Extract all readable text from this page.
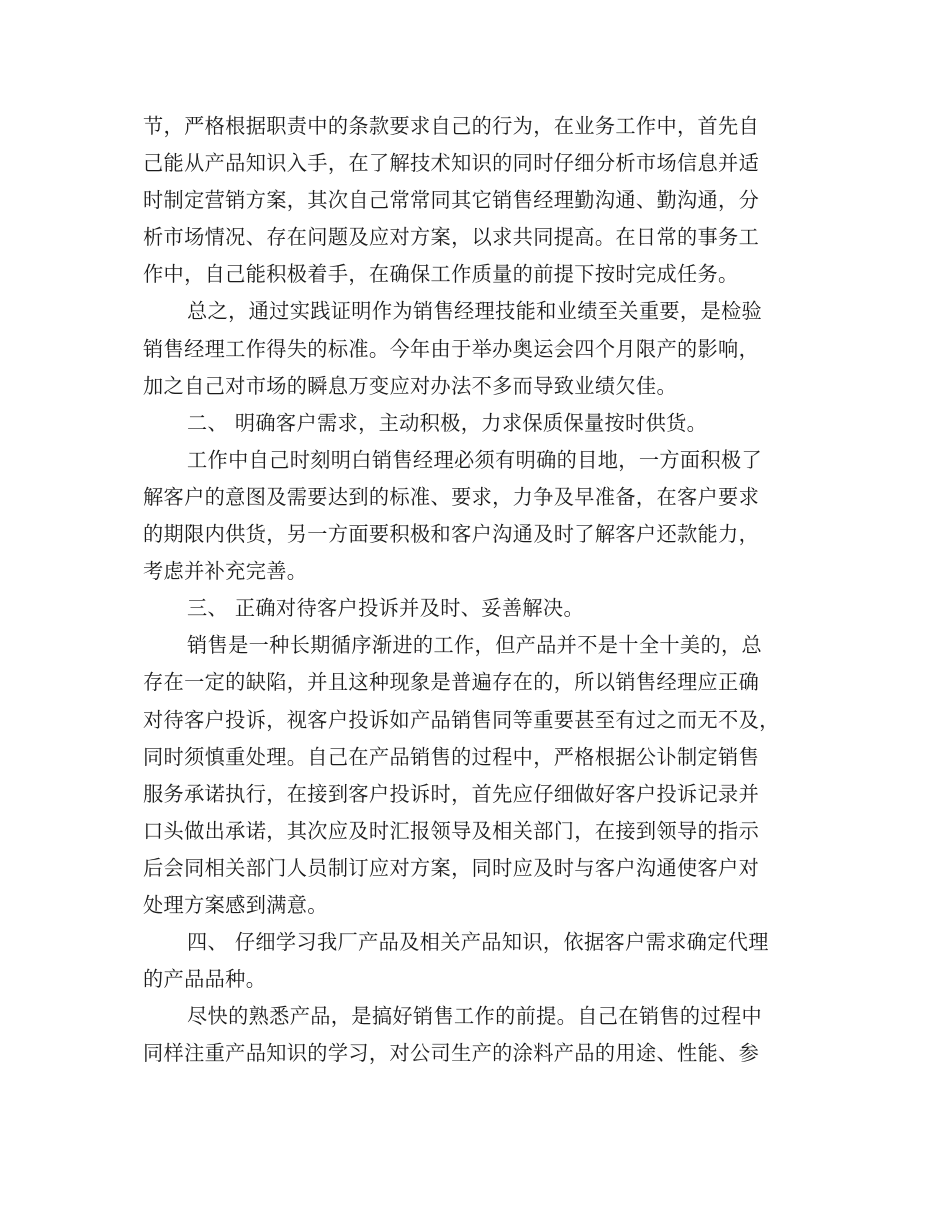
节，严格根据职责中的条款要求自己的行为，在业务工作中，首先自
己能从产品知识入手，在了解技术知识的同时仔细分析市场信息并适
时制定营销方案，其次自己常常同其它销售经理勤沟通、勤沟通，分
析市场情况、存在问题及应对方案，以求共同提高。在日常的事务工
作中，自己能积极着手，在确保工作质量的前提下按时完成任务。
总之，通过实践证明作为销售经理技能和业绩至关重要，是检验
销售经理工作得失的标准。今年由于举办奥运会四个月限产的影响，
加之自己对市场的瞬息万变应对办法不多而导致业绩欠佳。
二、 明确客户需求，主动积极，力求保质保量按时供货。
工作中自己时刻明白销售经理必须有明确的目地，一方面积极了
解客户的意图及需要达到的标准、要求，力争及早准备，在客户要求
的期限内供货，另一方面要积极和客户沟通及时了解客户还款能力，
考虑并补充完善。
三、 正确对待客户投诉并及时、妥善解决。
销售是一种长期循序渐进的工作，但产品并不是十全十美的，总
存在一定的缺陷，并且这种现象是普遍存在的，所以销售经理应正确
对待客户投诉，视客户投诉如产品销售同等重要甚至有过之而无不及，
同时须慎重处理。自己在产品销售的过程中，严格根据公讣制定销售
服务承诺执行，在接到客户投诉时，首先应仔细做好客户投诉记录并
口头做出承诺，其次应及时汇报领导及相关部门，在接到领导的指示
后会同相关部门人员制订应对方案，同时应及时与客户沟通使客户对
处理方案感到满意。
四、 仔细学习我厂产品及相关产品知识，依据客户需求确定代理
的产品品种。
尽快的熟悉产品，是搞好销售工作的前提。自己在销售的过程中
同样注重产品知识的学习，对公司生产的涂料产品的用途、性能、参
